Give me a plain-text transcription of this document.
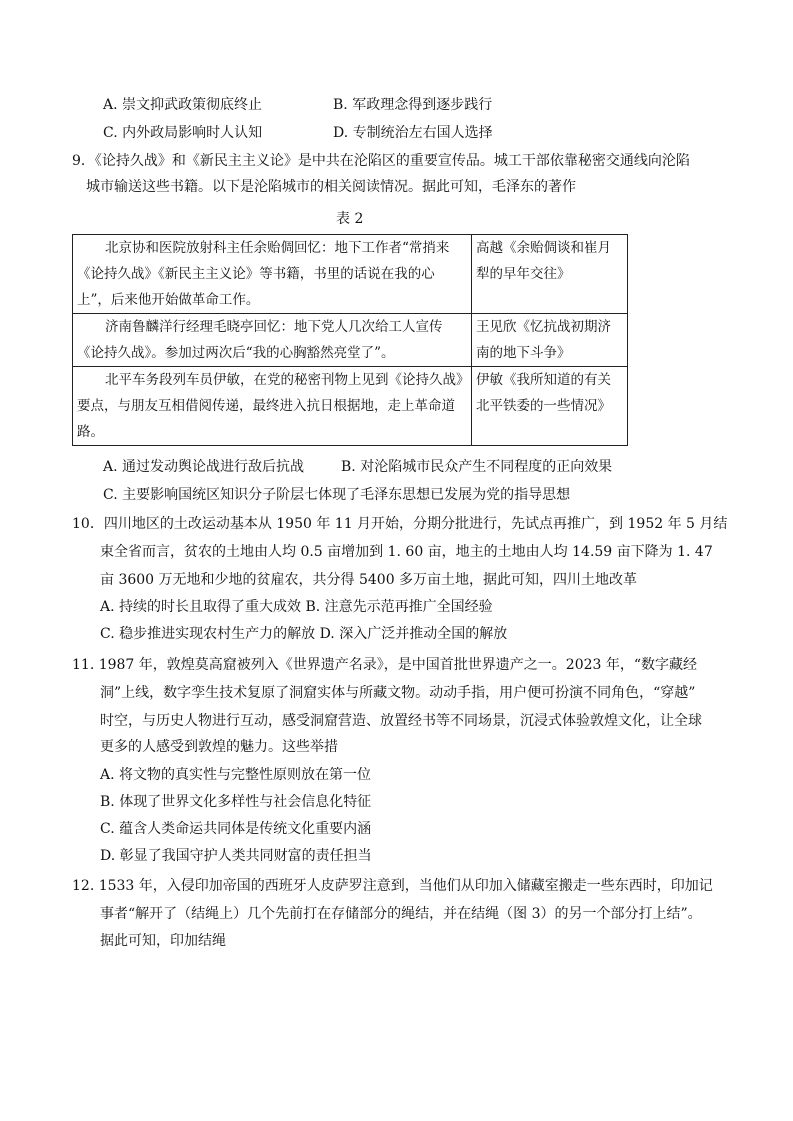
A. 崇文抑武政策彻底终止	B. 军政理念得到逐步践行
C. 内外政局影响时人认知	D. 专制统治左右国人选择
9．《论持久战》和《新民主主义论》是中共在沦陷区的重要宣传品。城工干部依靠秘密交通线向沦陷
城市输送这些书籍。以下是沦陷城市的相关阅读情况。据此可知，毛泽东的著作
表 2
北京协和医院放射科主任余贻倜回忆：地下工作者“常捎来《论持久战》《新民主主义论》等书籍，书里的话说在我的心上”，后来他开始做革命工作。	高越《余贻倜谈和崔月犁的早年交往》
济南鲁麟洋行经理毛晓亭回忆：地下党人几次给工人宣传《论持久战》。参加过两次后“我的心胸豁然亮堂了”。	王见欣《忆抗战初期济南的地下斗争》
北平车务段列车员伊敏，在党的秘密刊物上见到《论持久战》要点，与朋友互相借阅传递，最终进入抗日根据地，走上革命道路。	伊敏《我所知道的有关北平铁委的一些情况》
A. 通过发动舆论战进行敌后抗战	B. 对沦陷城市民众产生不同程度的正向效果
C. 主要影响国统区知识分子阶层七体现了毛泽东思想已发展为党的指导思想
10．四川地区的土改运动基本从 1950 年 11 月开始，分期分批进行，先试点再推广，到 1952 年 5 月结
束全省而言，贫农的土地由人均 0.5 亩增加到 1. 60 亩，地主的土地由人均 14.59 亩下降为 1. 47
亩 3600 万无地和少地的贫雇农，共分得 5400 多万亩土地，据此可知，四川土地改革
A. 持续的时长且取得了重大成效 B. 注意先示范再推广全国经验
C. 稳步推进实现农村生产力的解放 D. 深入广泛并推动全国的解放
11. 1987 年，敦煌莫高窟被列入《世界遗产名录》，是中国首批世界遗产之一。2023 年，“数字藏经
洞”上线，数字孪生技术复原了洞窟实体与所藏文物。动动手指，用户便可扮演不同角色，“穿越”
时空，与历史人物进行互动，感受洞窟营造、放置经书等不同场景，沉浸式体验敦煌文化，让全球
更多的人感受到敦煌的魅力。这些举措
A. 将文物的真实性与完整性原则放在第一位
B. 体现了世界文化多样性与社会信息化特征
C. 蕴含人类命运共同体是传统文化重要内涵
D. 彰显了我国守护人类共同财富的责任担当
12. 1533 年，入侵印加帝国的西班牙人皮萨罗注意到，当他们从印加入储藏室搬走一些东西时，印加记
事者“解开了（结绳上）几个先前打在存储部分的绳结，并在结绳（图 3）的另一个部分打上结”。
据此可知，印加结绳
